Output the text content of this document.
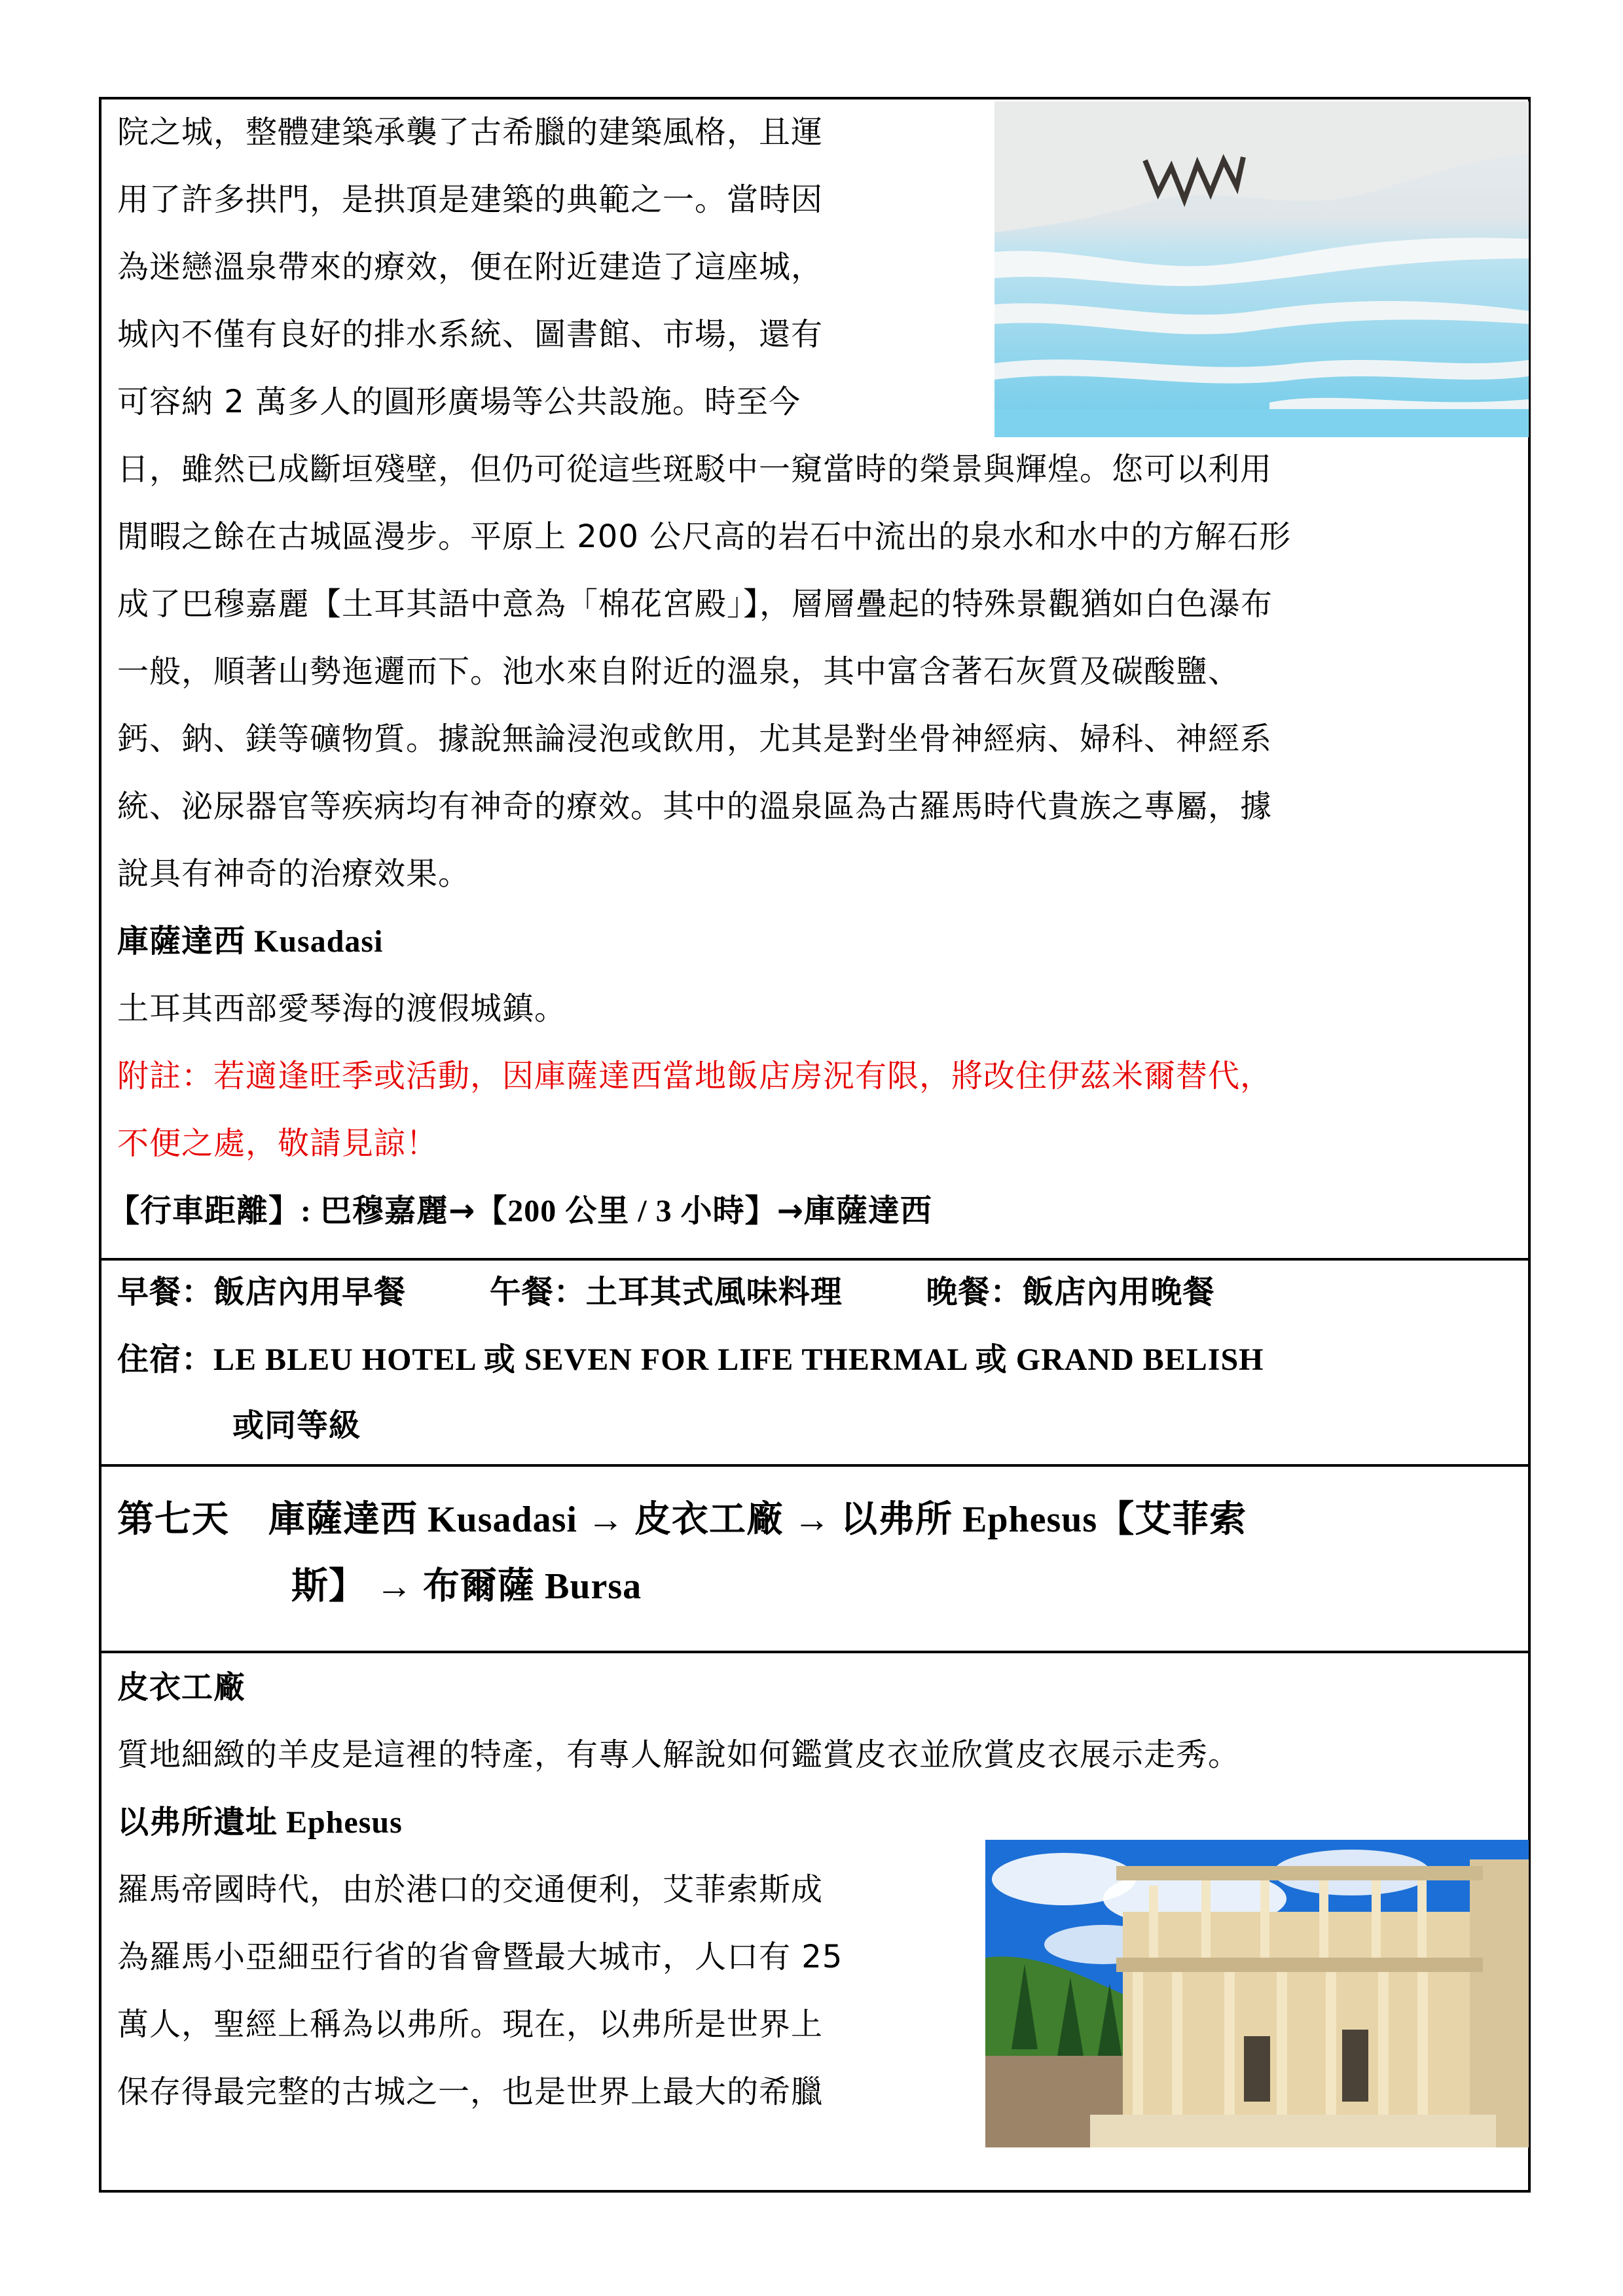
院之城，整體建築承襲了古希臘的建築風格，且運
用了許多拱門，是拱頂是建築的典範之一。當時因
為迷戀溫泉帶來的療效，便在附近建造了這座城，
城內不僅有良好的排水系統、圖書館、市場，還有
可容納 2 萬多人的圓形廣場等公共設施。時至今
日，雖然已成斷垣殘壁，但仍可從這些斑駁中一窺當時的榮景與輝煌。您可以利用
閒暇之餘在古城區漫步。平原上 200 公尺高的岩石中流出的泉水和水中的方解石形
成了巴穆嘉麗【土耳其語中意為「棉花宮殿」】，層層疊起的特殊景觀猶如白色瀑布
一般，順著山勢迤邐而下。池水來自附近的溫泉，其中富含著石灰質及碳酸鹽、
鈣、鈉、鎂等礦物質。據說無論浸泡或飲用，尤其是對坐骨神經病、婦科、神經系
統、泌尿器官等疾病均有神奇的療效。其中的溫泉區為古羅馬時代貴族之專屬，據
說具有神奇的治療效果。
庫薩達西 Kusadasi
土耳其西部愛琴海的渡假城鎮。
附註：若適逢旺季或活動，因庫薩達西當地飯店房況有限，將改住伊茲米爾替代，
不便之處，敬請見諒！
【行車距離】: 巴穆嘉麗→【200 公里 / 3 小時】→庫薩達西
早餐：飯店內用早餐	午餐：土耳其式風味料理	晚餐：飯店內用晚餐
住宿：LE BLEU HOTEL 或 SEVEN FOR LIFE THERMAL 或 GRAND BELISH
或同等級
第七天 庫薩達西 Kusadasi → 皮衣工廠 → 以弗所 Ephesus【艾菲索
斯】 → 布爾薩 Bursa
皮衣工廠
質地細緻的羊皮是這裡的特產，有專人解說如何鑑賞皮衣並欣賞皮衣展示走秀。
以弗所遺址 Ephesus
羅馬帝國時代，由於港口的交通便利，艾菲索斯成
為羅馬小亞細亞行省的省會暨最大城市，人口有 25
萬人，聖經上稱為以弗所。現在，以弗所是世界上
保存得最完整的古城之一，也是世界上最大的希臘
